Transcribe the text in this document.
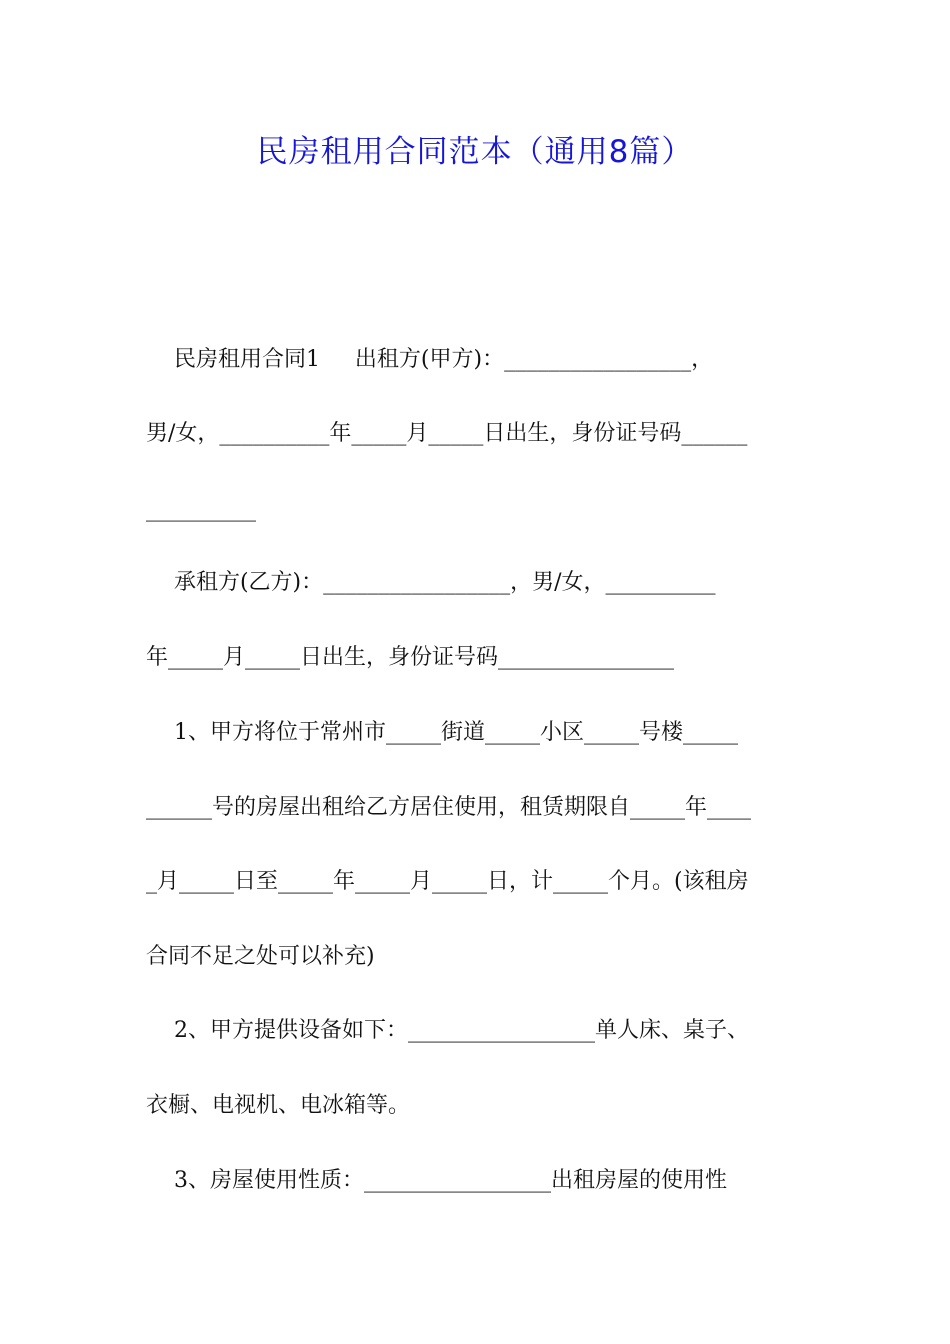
民房租用合同范本（通用8篇）
民房租用合同1     出租方(甲方)：_________________，
男/女，__________年_____月_____日出生，身份证号码______
__________
承租方(乙方)：_________________，男/女，__________
年_____月_____日出生，身份证号码________________
1、甲方将位于常州市_____街道_____小区_____号楼_____
______号的房屋出租给乙方居住使用，租赁期限自_____年____
_月_____日至_____年_____月_____日，计_____个月。(该租房
合同不足之处可以补充)
2、甲方提供设备如下：_________________单人床、桌子、
衣橱、电视机、电冰箱等。
3、房屋使用性质：_________________出租房屋的使用性
